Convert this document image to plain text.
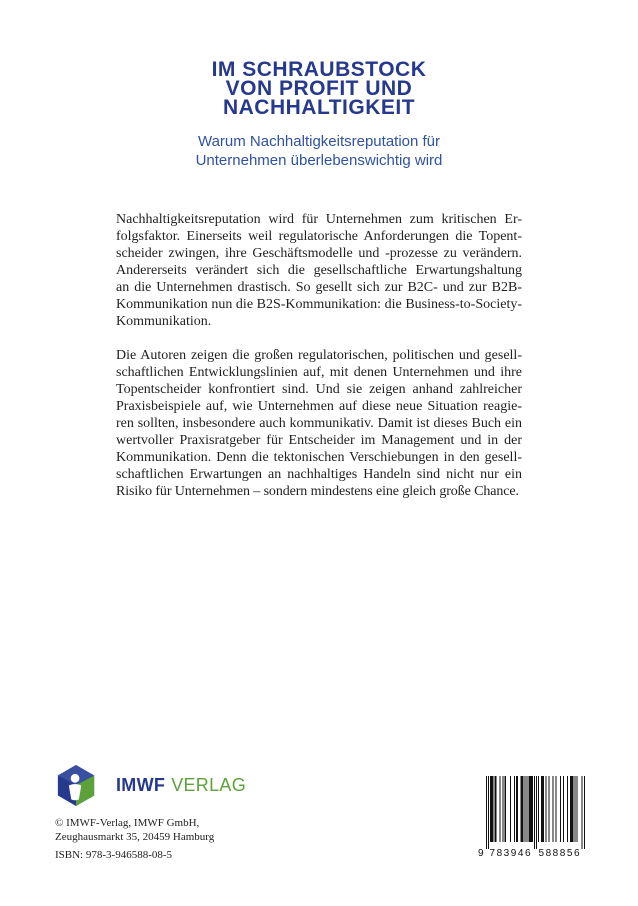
IM SCHRAUBSTOCK
VON PROFIT UND
NACHHALTIGKEIT
Warum Nachhaltigkeitsreputation für
Unternehmen überlebenswichtig wird
Nachhaltigkeitsreputation wird für Unternehmen zum kritischen Er-
folgsfaktor. Einerseits weil regulatorische Anforderungen die Topent-
scheider zwingen, ihre Geschäftsmodelle und -prozesse zu verändern.
Andererseits verändert sich die gesellschaftliche Erwartungshaltung
an die Unternehmen drastisch. So gesellt sich zur B2C- und zur B2B-
Kommunikation nun die B2S-Kommunikation: die Business-to-Society-
Kommunikation.
Die Autoren zeigen die großen regulatorischen, politischen und gesell-
schaftlichen Entwicklungslinien auf, mit denen Unternehmen und ihre
Topentscheider konfrontiert sind. Und sie zeigen anhand zahlreicher
Praxisbeispiele auf, wie Unternehmen auf diese neue Situation reagie-
ren sollten, insbesondere auch kommunikativ. Damit ist dieses Buch ein
wertvoller Praxisratgeber für Entscheider im Management und in der
Kommunikation. Denn die tektonischen Verschiebungen in den gesell-
schaftlichen Erwartungen an nachhaltiges Handeln sind nicht nur ein
Risiko für Unternehmen – sondern mindestens eine gleich große Chance.
IMWF VERLAG
© IMWF-Verlag, IMWF GmbH,
Zeughausmarkt 35, 20459 Hamburg
ISBN: 978-3-946588-08-5	9 783946 588856
